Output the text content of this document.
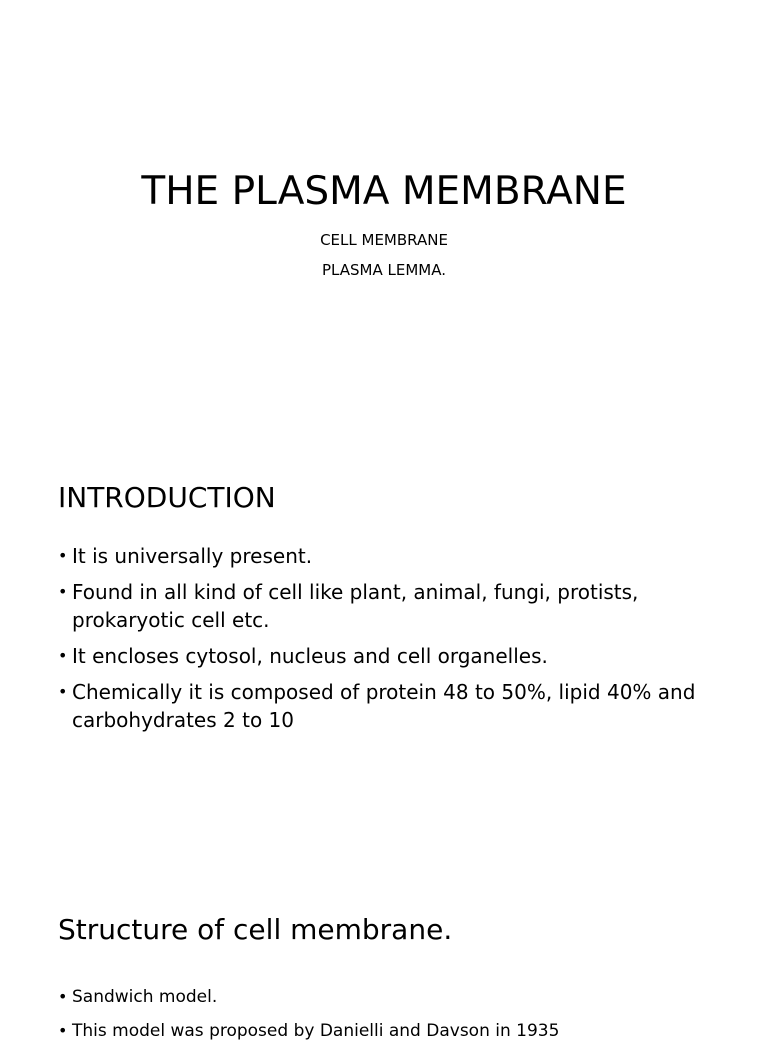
THE PLASMA MEMBRANE
CELL MEMBRANE
PLASMA LEMMA.
INTRODUCTION
• It is universally present.
• Found in all kind of cell like plant, animal, fungi, protists, prokaryotic cell etc.
• It encloses cytosol, nucleus and cell organelles.
• Chemically it is composed of protein 48 to 50%, lipid 40% and carbohydrates 2 to 10
Structure of cell membrane.
• Sandwich model.
• This model was proposed by Danielli and Davson in 1935
